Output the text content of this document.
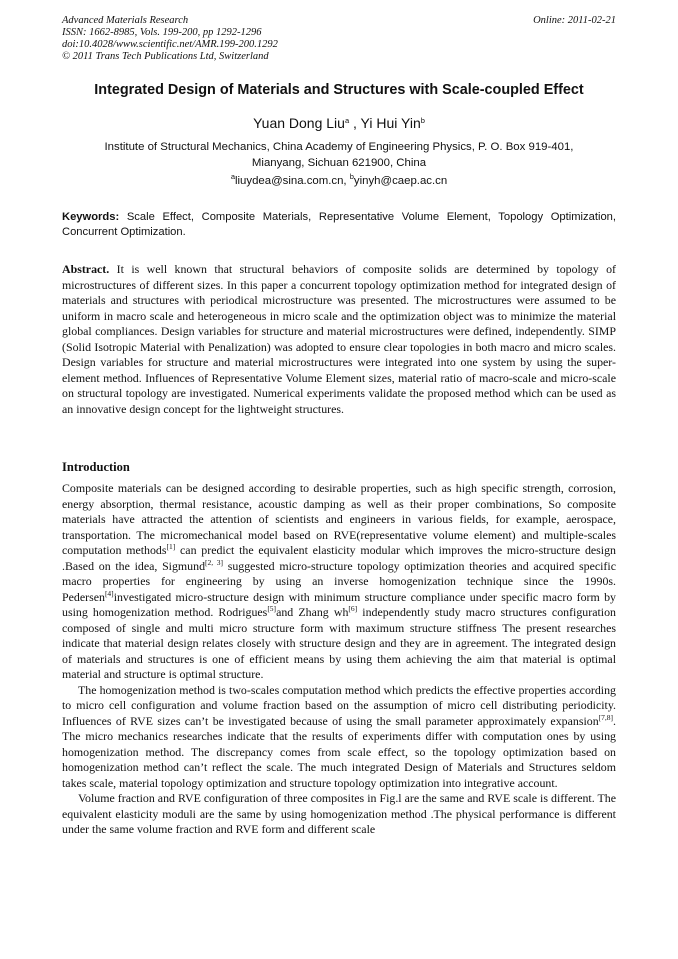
Advanced Materials Research
ISSN: 1662-8985, Vols. 199-200, pp 1292-1296
doi:10.4028/www.scientific.net/AMR.199-200.1292
© 2011 Trans Tech Publications Ltd, Switzerland
Online: 2011-02-21
Integrated Design of Materials and Structures with Scale-coupled Effect
Yuan Dong Liu$^a$ , Yi Hui Yin$^b$
Institute of Structural Mechanics, China Academy of Engineering Physics, P. O. Box 919-401,
Mianyang, Sichuan 621900, China
$^a$liuydea@sina.com.cn, $^b$yinyh@caep.ac.cn
Keywords: Scale Effect, Composite Materials, Representative Volume Element, Topology Optimization, Concurrent Optimization.
Abstract. It is well known that structural behaviors of composite solids are determined by topology of microstructures of different sizes. In this paper a concurrent topology optimization method for integrated design of materials and structures with periodical microstructure was presented. The microstructures were assumed to be uniform in macro scale and heterogeneous in micro scale and the optimization object was to minimize the material global compliances. Design variables for structure and material microstructures were defined, independently. SIMP (Solid Isotropic Material with Penalization) was adopted to ensure clear topologies in both macro and micro scales. Design variables for structure and material microstructures were integrated into one system by using the super-element method. Influences of Representative Volume Element sizes, material ratio of macro-scale and micro-scale on structural topology are investigated. Numerical experiments validate the proposed method which can be used as an innovative design concept for the lightweight structures.
Introduction

Composite materials can be designed according to desirable properties, such as high specific strength, corrosion, energy absorption, thermal resistance, acoustic damping as well as their proper combinations, So composite materials have attracted the attention of scientists and engineers in various fields, for example, aerospace, transportation. The micromechanical model based on RVE(representative volume element) and multiple-scales computation methods[1] can predict the equivalent elasticity modular which improves the micro-structure design .Based on the idea, Sigmund[2, 3] suggested micro-structure topology optimization theories and acquired specific macro properties for engineering by using an inverse homogenization technique since the 1990s. Pedersen[4]investigated micro-structure design with minimum structure compliance under specific macro form by using homogenization method. Rodrigues[5]and Zhang wh[6] independently study macro structures configuration composed of single and multi micro structure form with maximum structure stiffness The present researches indicate that material design relates closely with structure design and they are in agreement. The integrated design of materials and structures is one of efficient means by using them achieving the aim that material is optimal material and structure is optimal structure.

The homogenization method is two-scales computation method which predicts the effective properties according to micro cell configuration and volume fraction based on the assumption of micro cell distributing periodicity. Influences of RVE sizes can’t be investigated because of using the small parameter approximately expansion[7,8]. The micro mechanics researches indicate that the results of experiments differ with computation ones by using homogenization method. The discrepancy comes from scale effect, so the topology optimization based on homogenization method can’t reflect the scale. The much integrated Design of Materials and Structures seldom takes scale, material topology optimization and structure topology optimization into integrative account.

Volume fraction and RVE configuration of three composites in Fig.l are the same and RVE scale is different. The equivalent elasticity moduli are the same by using homogenization method .The physical performance is different under the same volume fraction and RVE form and different scale
